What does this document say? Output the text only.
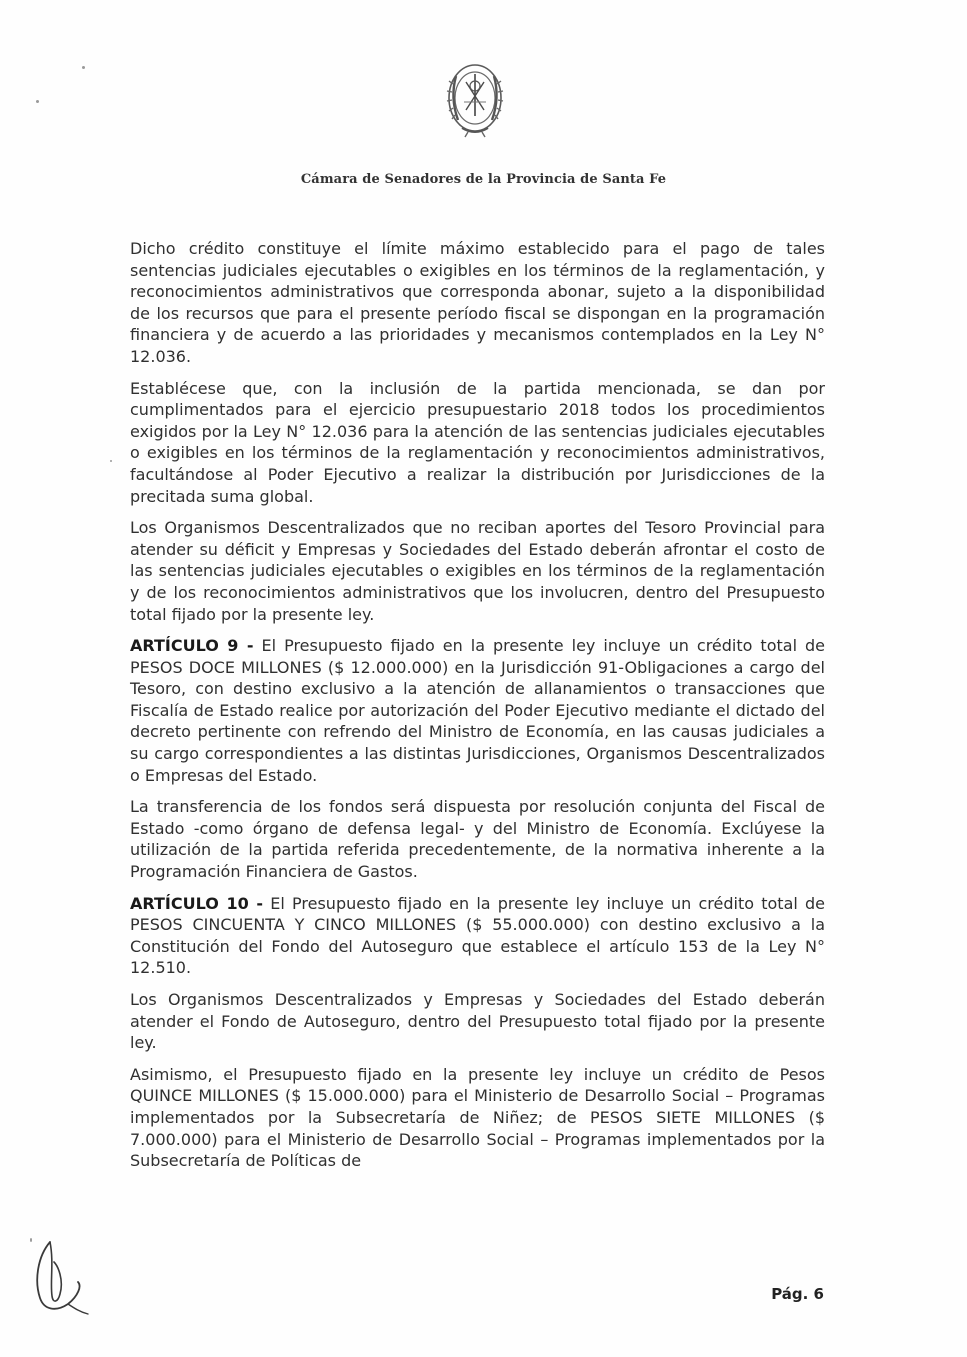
Cámara de Senadores de la Provincia de Santa Fe

Dicho crédito constituye el límite máximo establecido para el pago de tales sentencias judiciales ejecutables o exigibles en los términos de la reglamentación, y reconocimientos administrativos que corresponda abonar, sujeto a la disponibilidad de los recursos que para el presente período fiscal se dispongan en la programación financiera y de acuerdo a las prioridades y mecanismos contemplados en la Ley N° 12.036.

Establécese que, con la inclusión de la partida mencionada, se dan por cumplimentados para el ejercicio presupuestario 2018 todos los procedimientos exigidos por la Ley N° 12.036 para la atención de las sentencias judiciales ejecutables o exigibles en los términos de la reglamentación y reconocimientos administrativos, facultándose al Poder Ejecutivo a realizar la distribución por Jurisdicciones de la precitada suma global.

Los Organismos Descentralizados que no reciban aportes del Tesoro Provincial para atender su déficit y Empresas y Sociedades del Estado deberán afrontar el costo de las sentencias judiciales ejecutables o exigibles en los términos de la reglamentación y de los reconocimientos administrativos que los involucren, dentro del Presupuesto total fijado por la presente ley.

ARTÍCULO 9 - El Presupuesto fijado en la presente ley incluye un crédito total de PESOS DOCE MILLONES ($ 12.000.000) en la Jurisdicción 91-Obligaciones a cargo del Tesoro, con destino exclusivo a la atención de allanamientos o transacciones que Fiscalía de Estado realice por autorización del Poder Ejecutivo mediante el dictado del decreto pertinente con refrendo del Ministro de Economía, en las causas judiciales a su cargo correspondientes a las distintas Jurisdicciones, Organismos Descentralizados o Empresas del Estado.

La transferencia de los fondos será dispuesta por resolución conjunta del Fiscal de Estado -como órgano de defensa legal- y del Ministro de Economía. Exclúyese la utilización de la partida referida precedentemente, de la normativa inherente a la Programación Financiera de Gastos.

ARTÍCULO 10 - El Presupuesto fijado en la presente ley incluye un crédito total de PESOS CINCUENTA Y CINCO MILLONES ($ 55.000.000) con destino exclusivo a la Constitución del Fondo del Autoseguro que establece el artículo 153 de la Ley N° 12.510.

Los Organismos Descentralizados y Empresas y Sociedades del Estado deberán atender el Fondo de Autoseguro, dentro del Presupuesto total fijado por la presente ley.

Asimismo, el Presupuesto fijado en la presente ley incluye un crédito de Pesos QUINCE MILLONES ($ 15.000.000) para el Ministerio de Desarrollo Social – Programas implementados por la Subsecretaría de Niñez; de PESOS SIETE MILLONES ($ 7.000.000) para el Ministerio de Desarrollo Social – Programas implementados por la Subsecretaría de Políticas de

Pág. 6
